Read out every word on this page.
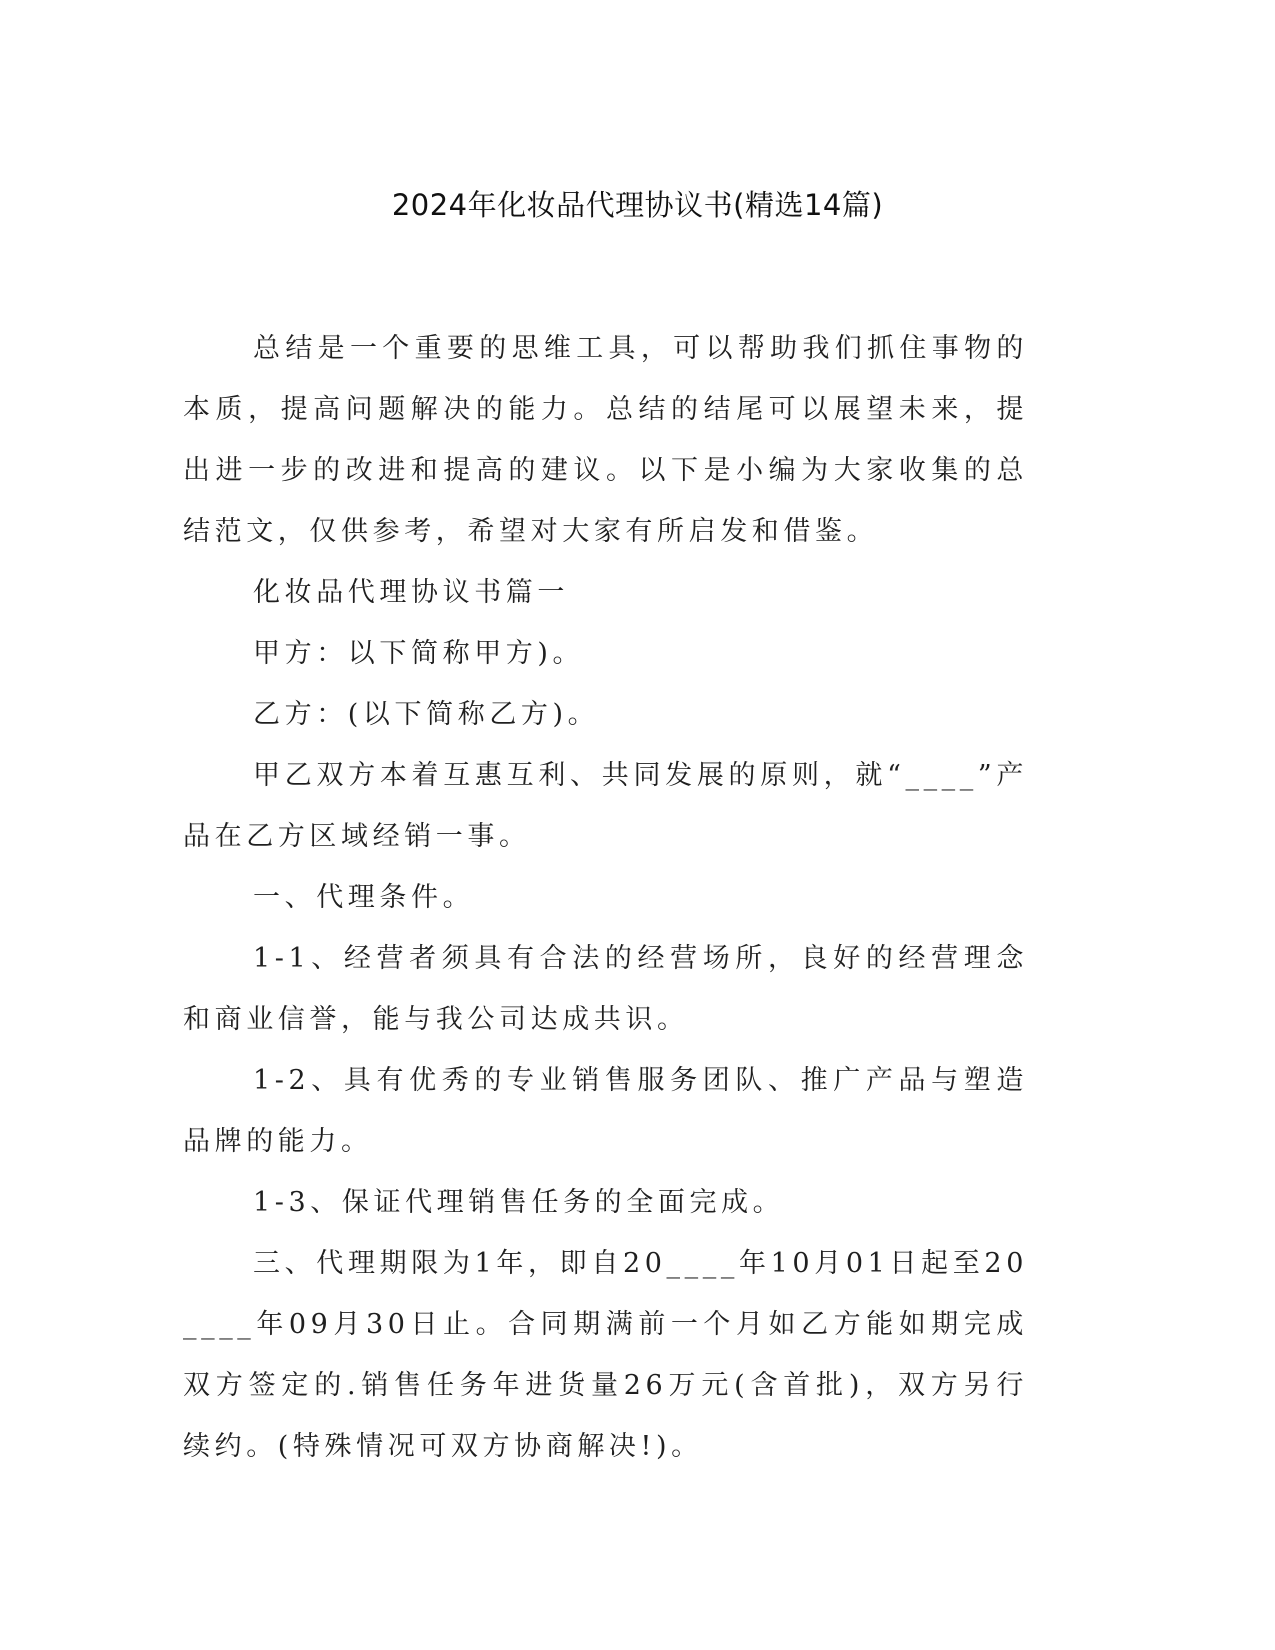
2024年化妆品代理协议书(精选14篇)

总结是一个重要的思维工具，可以帮助我们抓住事物的本质，提高问题解决的能力。总结的结尾可以展望未来，提出进一步的改进和提高的建议。以下是小编为大家收集的总结范文，仅供参考，希望对大家有所启发和借鉴。

化妆品代理协议书篇一

甲方：以下简称甲方)。

乙方：(以下简称乙方)。

甲乙双方本着互惠互利、共同发展的原则，就“____”产品在乙方区域经销一事。

一、代理条件。

1-1、经营者须具有合法的经营场所，良好的经营理念和商业信誉，能与我公司达成共识。

1-2、具有优秀的专业销售服务团队、推广产品与塑造品牌的能力。

1-3、保证代理销售任务的全面完成。

三、代理期限为1年，即自20____年10月01日起至20____年09月30日止。合同期满前一个月如乙方能如期完成双方签定的.销售任务年进货量26万元(含首批)，双方另行续约。(特殊情况可双方协商解决!)。
